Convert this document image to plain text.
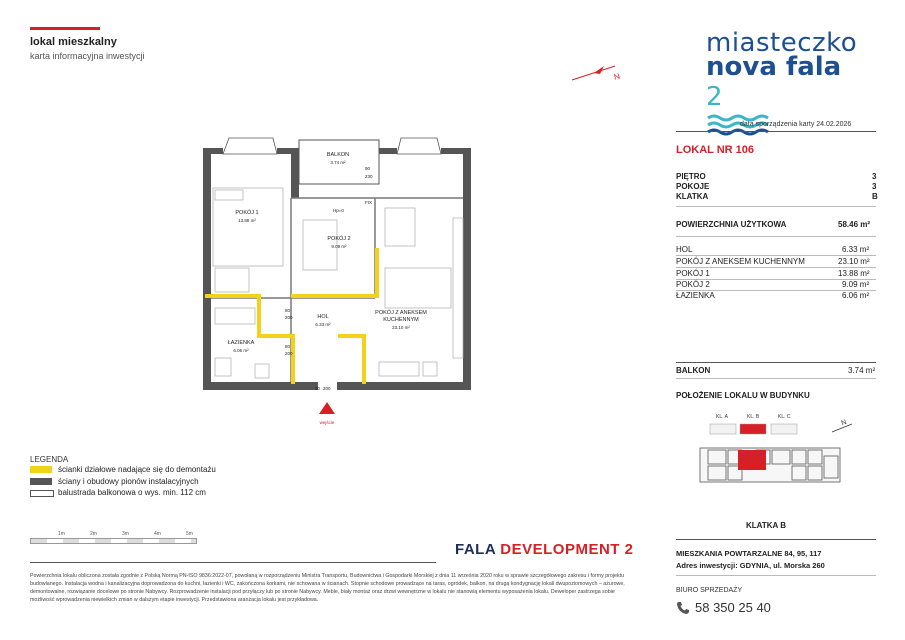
lokal mieszkalny
karta informacyjna inwestycji
N
miasteczko
nova fala 2
data sporządzenia karty 24.02.2026
LOKAL NR 106
PIĘTRO	3
POKOJE	3
KLATKA	B
POWIERZCHNIA UŻYTKOWA	58.46 m²
HOL	6.33 m²
POKÓJ Z ANEKSEM KUCHENNYM	23.10 m²
POKÓJ 1	13.88 m²
POKÓJ 2	9.09 m²
ŁAZIENKA	6.06 m²
BALKON	3.74 m²
POŁOŻENIE LOKALU W BUDYNKU
KL. A	KL. B	KL. C
N
KLATKA B
POKÓJ 1
13.88 m²
POKÓJ 2
9.09 m²
BALKON
3.74 m²
HOL
6.33 m²
ŁAZIENKA
6.06 m²
POKÓJ Z ANEKSEM
KUCHENNYM
23.10 m²
FIX
Hp=0
90
230
80
200
80
200
90 200
wejście
LEGENDA
ścianki działowe nadające się do demontażu
ściany i obudowy pionów instalacyjnych
balustrada balkonowa o wys. min. 112 cm
1m	2m	3m	4m	5m
FALA DEVELOPMENT 2
Powierzchnia lokalu obliczona została zgodnie z Polską Normą PN-ISO 9836:2022-07, powołaną w rozporządzeniu Ministra Transportu, Budownictwa i Gospodarki Morskiej z dnia 11 września 2020 roku w sprawie szczegółowego zakresu i formy projektu budowlanego. Instalacja wodna i kanalizacyjna doprowadzona do kuchni, łazienki i WC, zakończona korkami, nie schowana w ścianach. Stopnie schodowe prowadzące na taras, ogródek, balkon, na drugą kondygnację lokali dwupoziomowych – ażurowe, demontowalne, rozwiązanie docelowe po stronie Nabywcy. Rozprowadzenie instalacji pod przyłączy lub po stronie Nabywcy. Meble, biały montaż oraz drzwi wewnętrzne w lokalu nie stanowią elementu wyposażenia lokalu. Deweloper zastrzega sobie możliwość wprowadzenia niewielkich zmian w dalszym etapie inwestycji. Przedstawiona aranżacja lokalu jest przykładowa.
MIESZKANIA POWTARZALNE 84, 95, 117
Adres inwestycji: GDYNIA, ul. Morska 260
BIURO SPRZEDAŻY
58 350 25 40
